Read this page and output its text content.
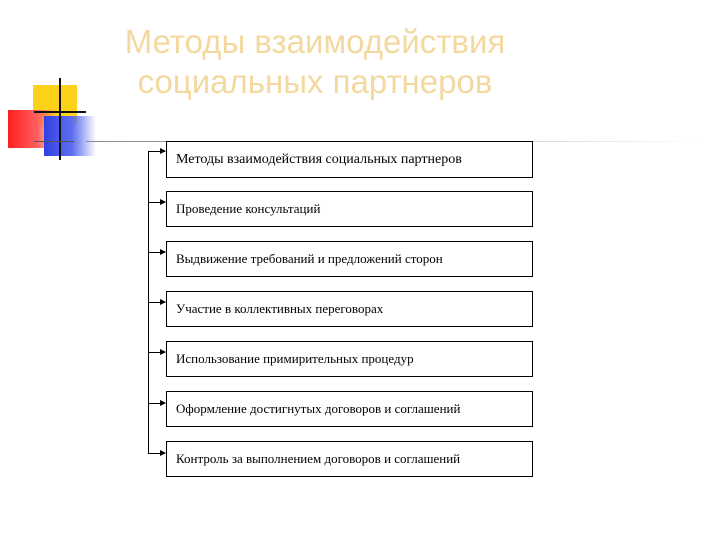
Методы взаимодействия
социальных партнеров
Методы взаимодействия социальных партнеров
Проведение консультаций
Выдвижение требований и предложений сторон
Участие в коллективных переговорах
Использование примирительных процедур
Оформление достигнутых договоров и соглашений
Контроль за выполнением договоров и соглашений
